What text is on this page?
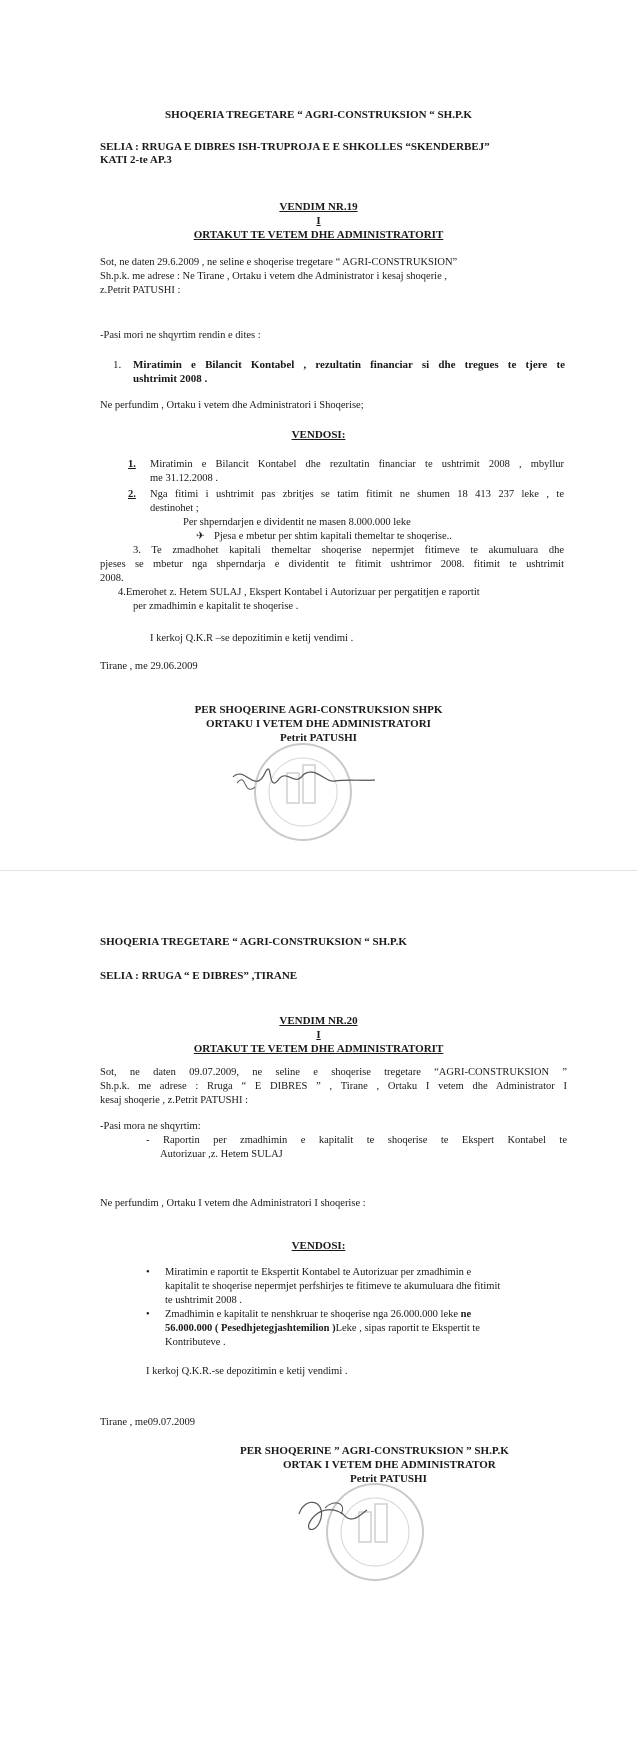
SHOQERIA TREGETARE “ AGRI-CONSTRUKSION “ SH.P.K

SELIA : RRUGA E DIBRES ISH-TRUPROJA E E SHKOLLES “SKENDERBEJ”

KATI 2-te AP.3

VENDIM NR.19

I

ORTAKUT TE VETEM DHE ADMINISTRATORIT

Sot, ne daten 29.6.2009 , ne seline e shoqerise tregetare “ AGRI-CONSTRUKSION”

Sh.p.k. me adrese : Ne Tirane , Ortaku i vetem dhe Administrator i kesaj shoqerie ,

z.Petrit PATUSHI :

-Pasi mori ne shqyrtim rendin e dites :

1. Miratimin e Bilancit Kontabel , rezultatin financiar si dhe tregues te tjere te

ushtrimit 2008 .

Ne perfundim , Ortaku i vetem dhe Administratori i Shoqerise;

VENDOSI:

1. Miratimin e Bilancit Kontabel dhe rezultatin financiar te ushtrimit 2008 , mbyllur

me 31.12.2008 .

2. Nga fitimi i ushtrimit pas zbritjes se tatim fitimit ne shumen 18 413 237 leke , te

destinohet ;

Per shperndarjen e dividentit ne masen 8.000.000 leke

✈ Pjesa e mbetur per shtim kapitali themeltar te shoqerise..

3. Te zmadhohet kapitali themeltar shoqerise nepermjet fitimeve te akumuluara dhe

pjeses se mbetur nga shperndarja e dividentit te fitimit ushtrimor 2008. fitimit te ushtrimit

2008.

4.Emerohet z. Hetem SULAJ , Ekspert Kontabel i Autorizuar per pergatitjen e raportit

per zmadhimin e kapitalit te shoqerise .

I kerkoj Q.K.R –se depozitimin e ketij vendimi .

Tirane , me 29.06.2009

PER SHOQERINE AGRI-CONSTRUKSION SHPK

ORTAKU I VETEM DHE ADMINISTRATORI

Petrit PATUSHI

SHOQERIA TREGETARE “ AGRI-CONSTRUKSION “ SH.P.K

SELIA : RRUGA “ E DIBRES” ,TIRANE

VENDIM NR.20

I

ORTAKUT TE VETEM DHE ADMINISTRATORIT

Sot, ne daten 09.07.2009, ne seline e shoqerise tregetare “AGRI-CONSTRUKSION ”

Sh.p.k. me adrese : Rruga “ E DIBRES ” , Tirane , Ortaku I vetem dhe Administrator I

kesaj shoqerie , z.Petrit PATUSHI :

-Pasi mora ne shqyrtim:

- Raportin per zmadhimin e kapitalit te shoqerise te Ekspert Kontabel te

Autorizuar ,z. Hetem SULAJ

Ne perfundim , Ortaku I vetem dhe Administratori I shoqerise :

VENDOSI:

• Miratimin e raportit te Ekspertit Kontabel te Autorizuar per zmadhimin e

kapitalit te shoqerise nepermjet perfshirjes te fitimeve te akumuluara dhe fitimit

te ushtrimit 2008 .

• Zmadhimin e kapitalit te nenshkruar te shoqerise nga 26.000.000 leke ne

56.000.000 ( Pesedhjetegjashtemilion )Leke , sipas raportit te Ekspertit te

Kontributeve .

I kerkoj Q.K.R.-se depozitimin e ketij vendimi .

Tirane , me09.07.2009

PER SHOQERINE ” AGRI-CONSTRUKSION ” SH.P.K

ORTAK I VETEM DHE ADMINISTRATOR

Petrit PATUSHI
